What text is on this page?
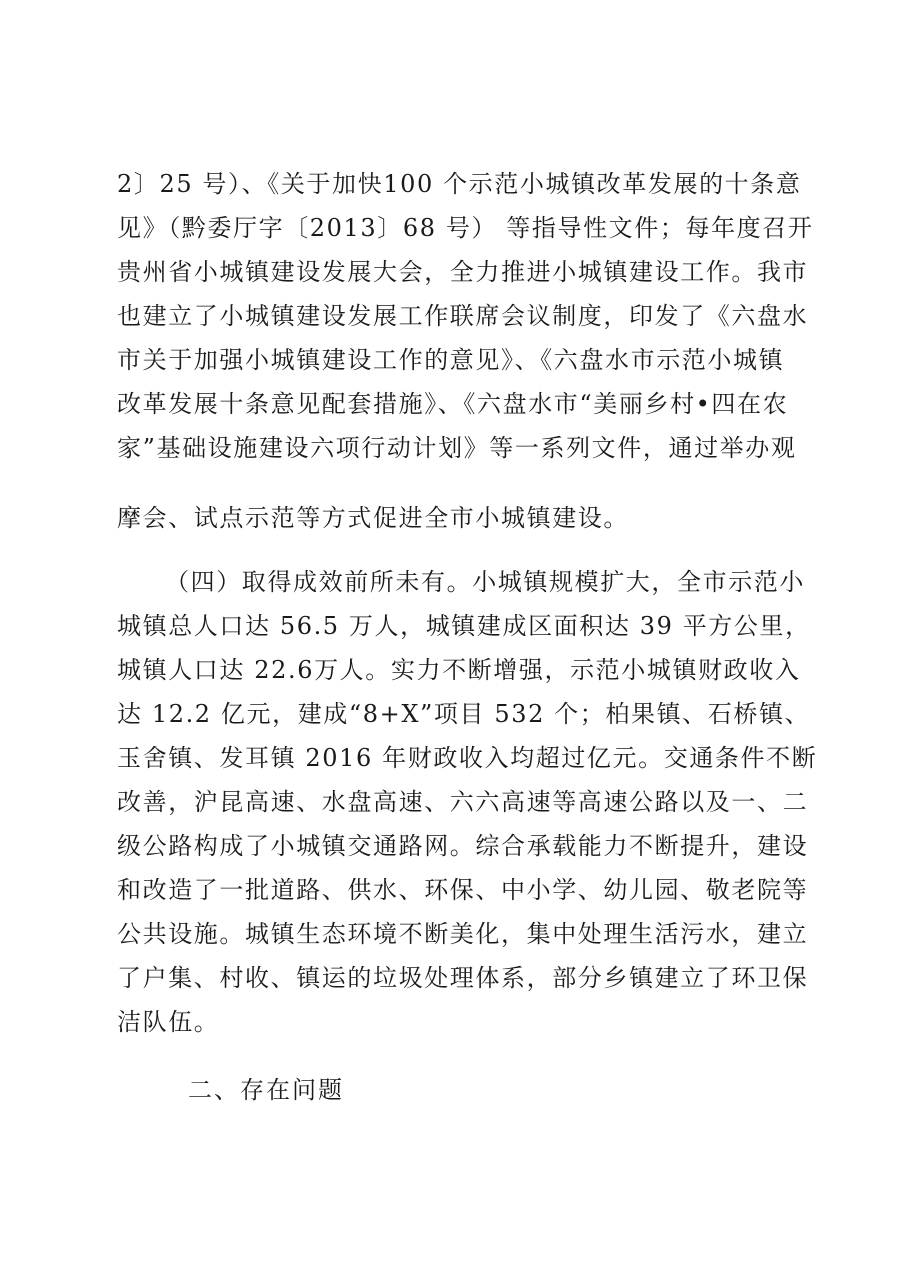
2〕25 号）、《关于加快100 个示范小城镇改革发展的十条意
见》（黔委厅字〔2013〕68 号） 等指导性文件；每年度召开
贵州省小城镇建设发展大会，全力推进小城镇建设工作。我市
也建立了小城镇建设发展工作联席会议制度，印发了《六盘水
市关于加强小城镇建设工作的意见》、《六盘水市示范小城镇
改革发展十条意见配套措施》、《六盘水市“美丽乡村•四在农
家”基础设施建设六项行动计划》等一系列文件，通过举办观
摩会、试点示范等方式促进全市小城镇建设。
（四）取得成效前所未有。小城镇规模扩大，全市示范小
城镇总人口达 56.5 万人，城镇建成区面积达 39 平方公里，
城镇人口达 22.6万人。实力不断增强，示范小城镇财政收入
达 12.2 亿元，建成“8+X”项目 532 个；柏果镇、石桥镇、
玉舍镇、发耳镇 2016 年财政收入均超过亿元。交通条件不断
改善，沪昆高速、水盘高速、六六高速等高速公路以及一、二
级公路构成了小城镇交通路网。综合承载能力不断提升，建设
和改造了一批道路、供水、环保、中小学、幼儿园、敬老院等
公共设施。城镇生态环境不断美化，集中处理生活污水，建立
了户集、村收、镇运的垃圾处理体系，部分乡镇建立了环卫保
洁队伍。
二、存在问题
